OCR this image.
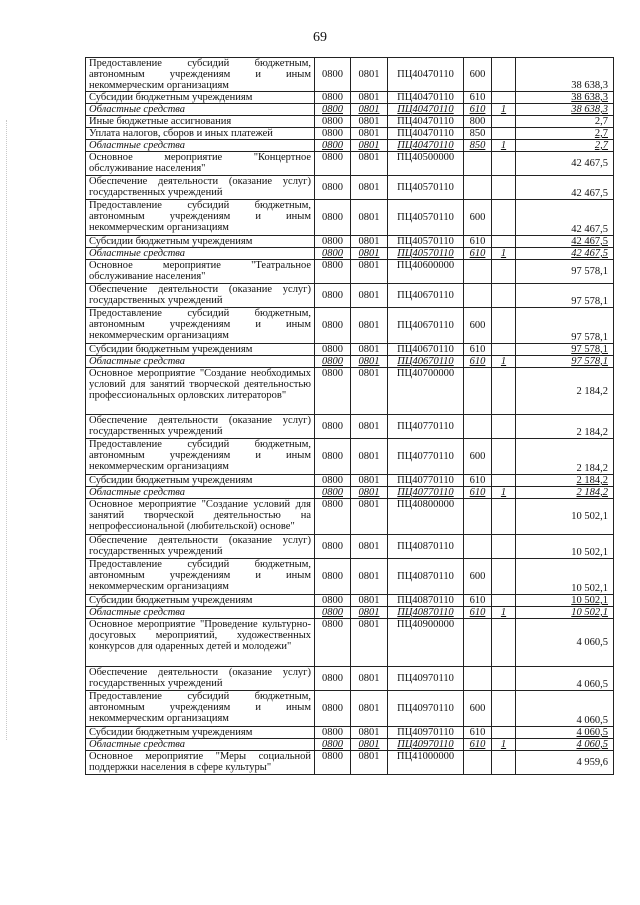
69
Предоставление субсидий бюджетным, автономным учреждениям и иным некоммерческим организациям	0800	0801	ПЦ40470110	600		38 638,3
Субсидии бюджетным учреждениям	0800	0801	ПЦ40470110	610		38 638,3
Областные средства	0800	0801	ПЦ40470110	610	1	38 638,3
Иные бюджетные ассигнования	0800	0801	ПЦ40470110	800		2,7
Уплата налогов, сборов и иных платежей	0800	0801	ПЦ40470110	850		2,7
Областные средства	0800	0801	ПЦ40470110	850	1	2,7
Основное мероприятие "Концертное обслуживание населения"	0800	0801	ПЦ40500000			42 467,5
Обеспечение деятельности (оказание услуг) государственных учреждений	0800	0801	ПЦ40570110			42 467,5
Предоставление субсидий бюджетным, автономным учреждениям и иным некоммерческим организациям	0800	0801	ПЦ40570110	600		42 467,5
Субсидии бюджетным учреждениям	0800	0801	ПЦ40570110	610		42 467,5
Областные средства	0800	0801	ПЦ40570110	610	1	42 467,5
Основное мероприятие "Театральное обслуживание населения"	0800	0801	ПЦ40600000			97 578,1
Обеспечение деятельности (оказание услуг) государственных учреждений	0800	0801	ПЦ40670110			97 578,1
Предоставление субсидий бюджетным, автономным учреждениям и иным некоммерческим организациям	0800	0801	ПЦ40670110	600		97 578,1
Субсидии бюджетным учреждениям	0800	0801	ПЦ40670110	610		97 578,1
Областные средства	0800	0801	ПЦ40670110	610	1	97 578,1
Основное мероприятие "Создание необходимых условий для занятий творческой деятельностью профессиональных орловских литераторов"	0800	0801	ПЦ40700000			2 184,2
Обеспечение деятельности (оказание услуг) государственных учреждений	0800	0801	ПЦ40770110			2 184,2
Предоставление субсидий бюджетным, автономным учреждениям и иным некоммерческим организациям	0800	0801	ПЦ40770110	600		2 184,2
Субсидии бюджетным учреждениям	0800	0801	ПЦ40770110	610		2 184,2
Областные средства	0800	0801	ПЦ40770110	610	1	2 184,2
Основное мероприятие "Создание условий для занятий творческой деятельностью на непрофессиональной (любительской) основе"	0800	0801	ПЦ40800000			10 502,1
Обеспечение деятельности (оказание услуг) государственных учреждений	0800	0801	ПЦ40870110			10 502,1
Предоставление субсидий бюджетным, автономным учреждениям и иным некоммерческим организациям	0800	0801	ПЦ40870110	600		10 502,1
Субсидии бюджетным учреждениям	0800	0801	ПЦ40870110	610		10 502,1
Областные средства	0800	0801	ПЦ40870110	610	1	10 502,1
Основное мероприятие "Проведение культурно-досуговых мероприятий, художественных конкурсов для одаренных детей и молодежи"	0800	0801	ПЦ40900000			4 060,5
Обеспечение деятельности (оказание услуг) государственных учреждений	0800	0801	ПЦ40970110			4 060,5
Предоставление субсидий бюджетным, автономным учреждениям и иным некоммерческим организациям	0800	0801	ПЦ40970110	600		4 060,5
Субсидии бюджетным учреждениям	0800	0801	ПЦ40970110	610		4 060,5
Областные средства	0800	0801	ПЦ40970110	610	1	4 060,5
Основное мероприятие "Меры социальной поддержки населения в сфере культуры"	0800	0801	ПЦ41000000			4 959,6
